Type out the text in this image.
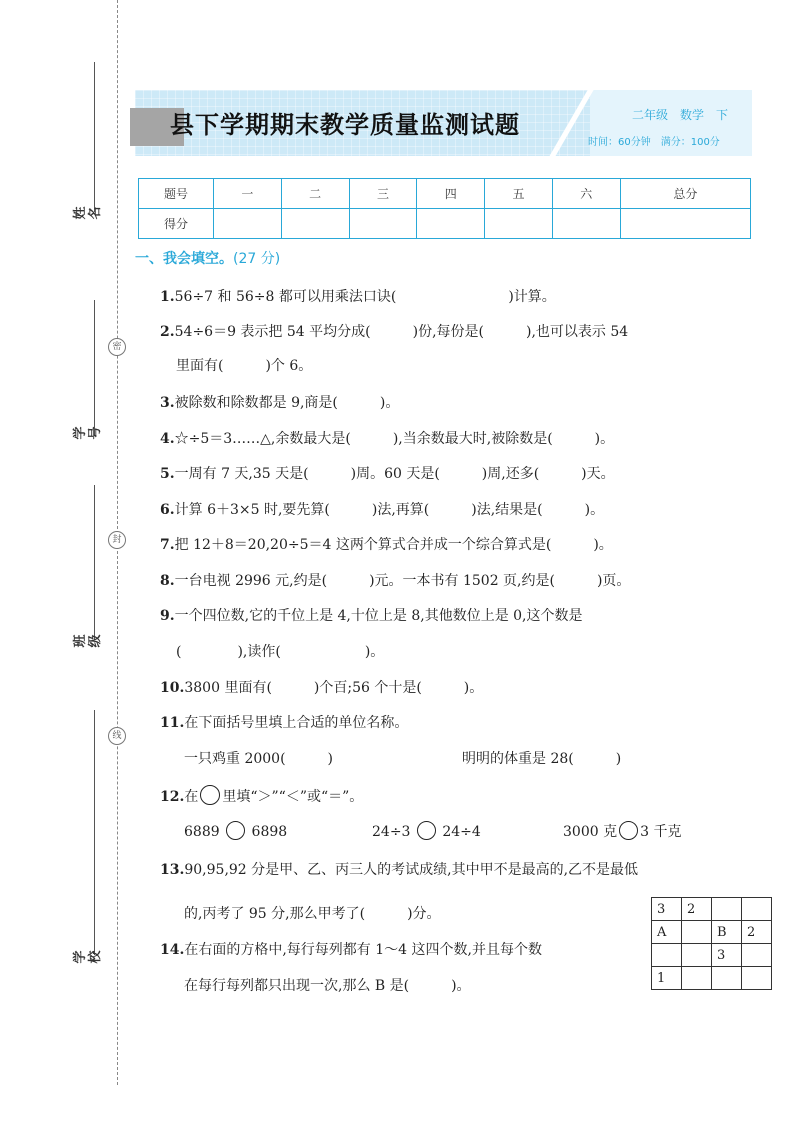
姓名
学号
班级
学校
密
封
线
县下学期期末教学质量监测试题	二年级　数学　下
时间：60分钟　满分：100分
题号	一	二	三	四	五	六	总分
得分							
一、我会填空。(27 分)
1.56÷7 和 56÷8 都可以用乘法口诀(　　　　　　　　)计算。
2.54÷6＝9 表示把 54 平均分成(　　　)份,每份是(　　　),也可以表示 54
里面有(　　　)个 6。
3.被除数和除数都是 9,商是(　　　)。
4.☆÷5＝3……△,余数最大是(　　　),当余数最大时,被除数是(　　　)。
5.一周有 7 天,35 天是(　　　)周。60 天是(　　　)周,还多(　　　)天。
6.计算 6＋3×5 时,要先算(　　　)法,再算(　　　)法,结果是(　　　)。
7.把 12＋8＝20,20÷5＝4 这两个算式合并成一个综合算式是(　　　)。
8.一台电视 2996 元,约是(　　　)元。一本书有 1502 页,约是(　　　)页。
9.一个四位数,它的千位上是 4,十位上是 8,其他数位上是 0,这个数是
(　　　　),读作(　　　　　　)。
10.3800 里面有(　　　)个百;56 个十是(　　　)。
11.在下面括号里填上合适的单位名称。
一只鸡重 2000(　　　)	明明的体重是 28(　　　)
12.在 里填“＞”“＜”或“＝”。
6889 6898	24÷3 24÷4	3000 克 3 千克
13.90,95,92 分是甲、乙、丙三人的考试成绩,其中甲不是最高的,乙不是最低
的,丙考了 95 分,那么甲考了(　　　)分。
14.在右面的方格中,每行每列都有 1～4 这四个数,并且每个数
在每行每列都只出现一次,那么 B 是(　　　)。
3	2		
A		B	2
		3	
1			
